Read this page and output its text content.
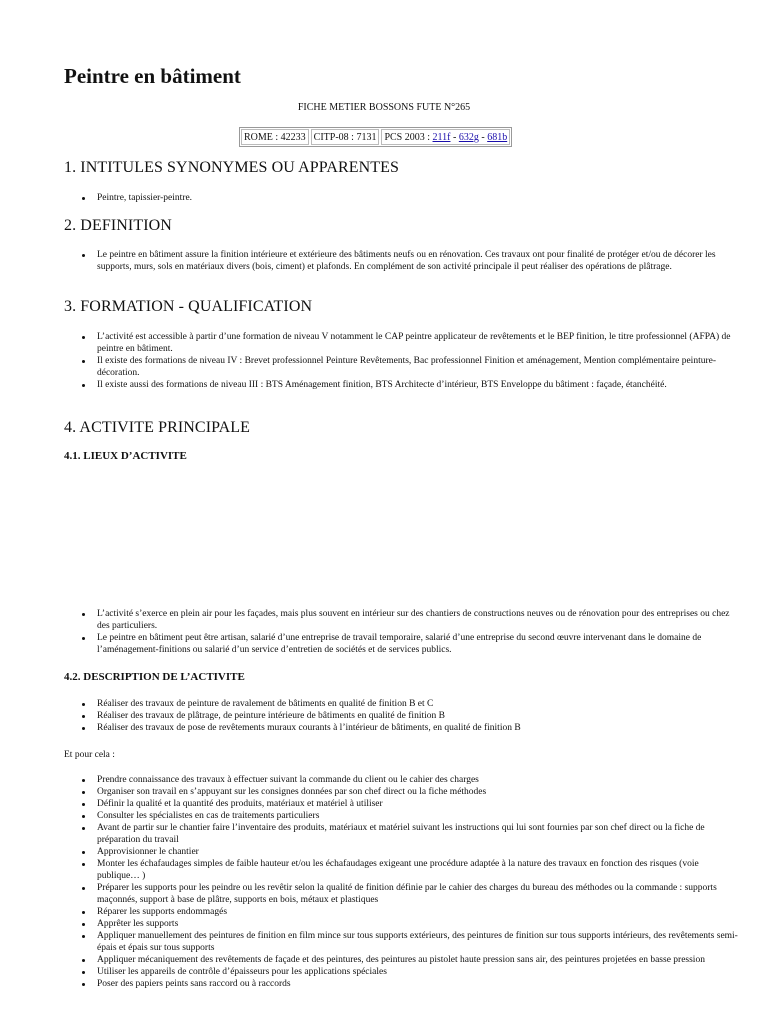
Peintre en bâtiment
FICHE METIER BOSSONS FUTE N°265
ROME : 42233 CITP-08 : 7131 PCS 2003 : 211f - 632g - 681b
1. INTITULES SYNONYMES OU APPARENTES
Peintre, tapissier-peintre.
2. DEFINITION
Le peintre en bâtiment assure la finition intérieure et extérieure des bâtiments neufs ou en rénovation. Ces travaux ont pour finalité de protéger et/ou de décorer les supports, murs, sols en matériaux divers (bois, ciment) et plafonds. En complément de son activité principale il peut réaliser des opérations de plâtrage.
3. FORMATION - QUALIFICATION
L’activité est accessible à partir d’une formation de niveau V notamment le CAP peintre applicateur de revêtements et le BEP finition, le titre professionnel (AFPA) de peintre en bâtiment.
Il existe des formations de niveau IV : Brevet professionnel Peinture Revêtements, Bac professionnel Finition et aménagement, Mention complémentaire peinture-décoration.
Il existe aussi des formations de niveau III : BTS Aménagement finition, BTS Architecte d’intérieur, BTS Enveloppe du bâtiment : façade, étanchéité.
4. ACTIVITE PRINCIPALE
4.1. LIEUX D’ACTIVITE
L’activité s’exerce en plein air pour les façades, mais plus souvent en intérieur sur des chantiers de constructions neuves ou de rénovation pour des entreprises ou chez des particuliers.
Le peintre en bâtiment peut être artisan, salarié d’une entreprise de travail temporaire, salarié d’une entreprise du second œuvre intervenant dans le domaine de l’aménagement-finitions ou salarié d’un service d’entretien de sociétés et de services publics.
4.2. DESCRIPTION DE L’ACTIVITE
Réaliser des travaux de peinture de ravalement de bâtiments en qualité de finition B et C
Réaliser des travaux de plâtrage, de peinture intérieure de bâtiments en qualité de finition B
Réaliser des travaux de pose de revêtements muraux courants à l’intérieur de bâtiments, en qualité de finition B
Et pour cela :
Prendre connaissance des travaux à effectuer suivant la commande du client ou le cahier des charges
Organiser son travail en s’appuyant sur les consignes données par son chef direct ou la fiche méthodes
Définir la qualité et la quantité des produits, matériaux et matériel à utiliser
Consulter les spécialistes en cas de traitements particuliers
Avant de partir sur le chantier faire l’inventaire des produits, matériaux et matériel suivant les instructions qui lui sont fournies par son chef direct ou la fiche de préparation du travail
Approvisionner le chantier
Monter les échafaudages simples de faible hauteur et/ou les échafaudages exigeant une procédure adaptée à la nature des travaux en fonction des risques (voie publique… )
Préparer les supports pour les peindre ou les revêtir selon la qualité de finition définie par le cahier des charges du bureau des méthodes ou la commande : supports maçonnés, support à base de plâtre, supports en bois, métaux et plastiques
Réparer les supports endommagés
Apprêter les supports
Appliquer manuellement des peintures de finition en film mince sur tous supports extérieurs, des peintures de finition sur tous supports intérieurs, des revêtements semi-épais et épais sur tous supports
Appliquer mécaniquement des revêtements de façade et des peintures, des peintures au pistolet haute pression sans air, des peintures projetées en basse pression
Utiliser les appareils de contrôle d’épaisseurs pour les applications spéciales
Poser des papiers peints sans raccord ou à raccords
